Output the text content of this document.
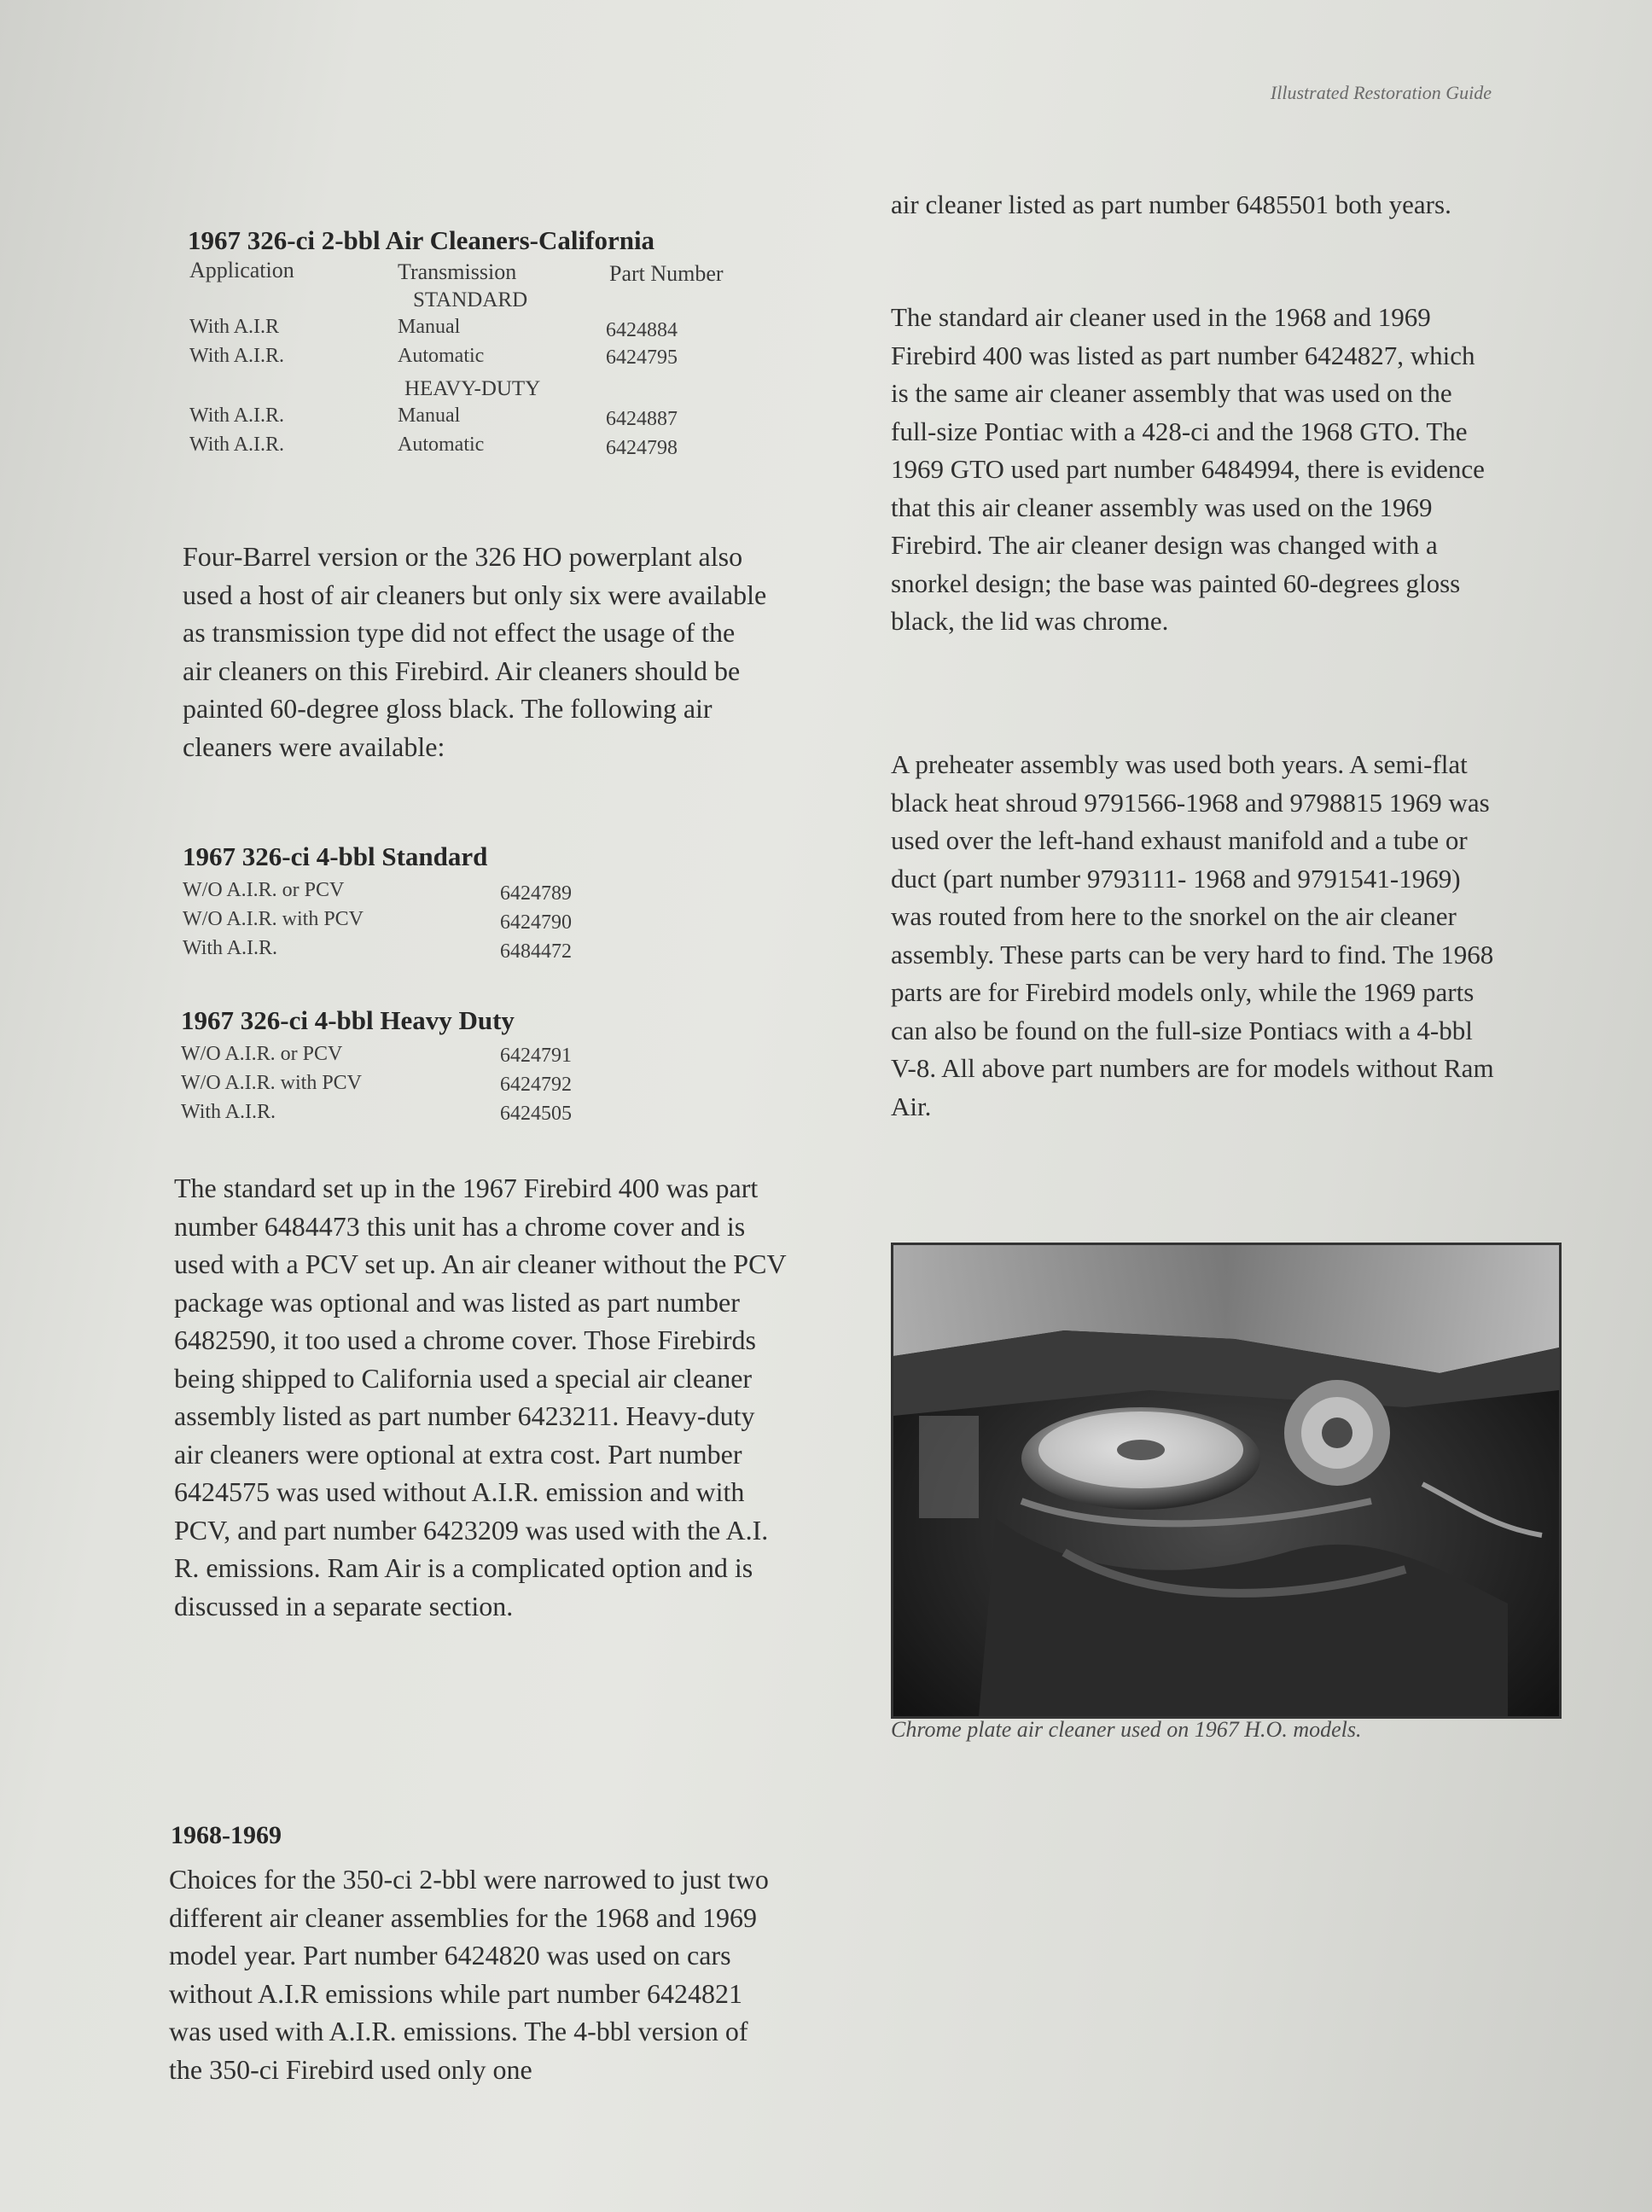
Illustrated Restoration Guide
1967 326-ci 2-bbl Air Cleaners-California
Application	Transmission	Part Number
STANDARD
With A.I.R	Manual	6424884
With A.I.R.	Automatic	6424795
HEAVY-DUTY
With A.I.R.	Manual	6424887
With A.I.R.	Automatic	6424798

Four-Barrel version or the 326 HO powerplant also used a host of air cleaners but only six were available as transmission type did not effect the usage of the air cleaners on this Firebird. Air cleaners should be painted 60-degree gloss black. The following air cleaners were available:

1967 326-ci 4-bbl Standard
W/O A.I.R. or PCV	6424789
W/O A.I.R. with PCV	6424790
With A.I.R.	6484472
1967 326-ci 4-bbl Heavy Duty
W/O A.I.R. or PCV	6424791
W/O A.I.R. with PCV	6424792
With A.I.R.	6424505

The standard set up in the 1967 Firebird 400 was part number 6484473 this unit has a chrome cover and is used with a PCV set up. An air cleaner without the PCV package was optional and was listed as part number 6482590, it too used a chrome cover. Those Firebirds being shipped to California used a special air cleaner assembly listed as part number 6423211. Heavy-duty air cleaners were optional at extra cost. Part number 6424575 was used without A.I.R. emission and with PCV, and part number 6423209 was used with the A.I. R. emissions. Ram Air is a complicated option and is discussed in a separate section.

1968-1969

Choices for the 350-ci 2-bbl were narrowed to just two different air cleaner assemblies for the 1968 and 1969 model year. Part number 6424820 was used on cars without A.I.R emissions while part number 6424821 was used with A.I.R. emissions. The 4-bbl version of the 350-ci Firebird used only one

air cleaner listed as part number 6485501 both years.

The standard air cleaner used in the 1968 and 1969 Firebird 400 was listed as part number 6424827, which is the same air cleaner assembly that was used on the full-size Pontiac with a 428-ci and the 1968 GTO. The 1969 GTO used part number 6484994, there is evidence that this air cleaner assembly was used on the 1969 Firebird. The air cleaner design was changed with a snorkel design; the base was painted 60-degrees gloss black, the lid was chrome.

A preheater assembly was used both years. A semi-flat black heat shroud 9791566-1968 and 9798815 1969 was used over the left-hand exhaust manifold and a tube or duct (part number 9793111- 1968 and 9791541-1969) was routed from here to the snorkel on the air cleaner assembly. These parts can be very hard to find. The 1968 parts are for Firebird models only, while the 1969 parts can also be found on the full-size Pontiacs with a 4-bbl V-8. All above part numbers are for models without Ram Air.

Chrome plate air cleaner used on 1967 H.O. models.
